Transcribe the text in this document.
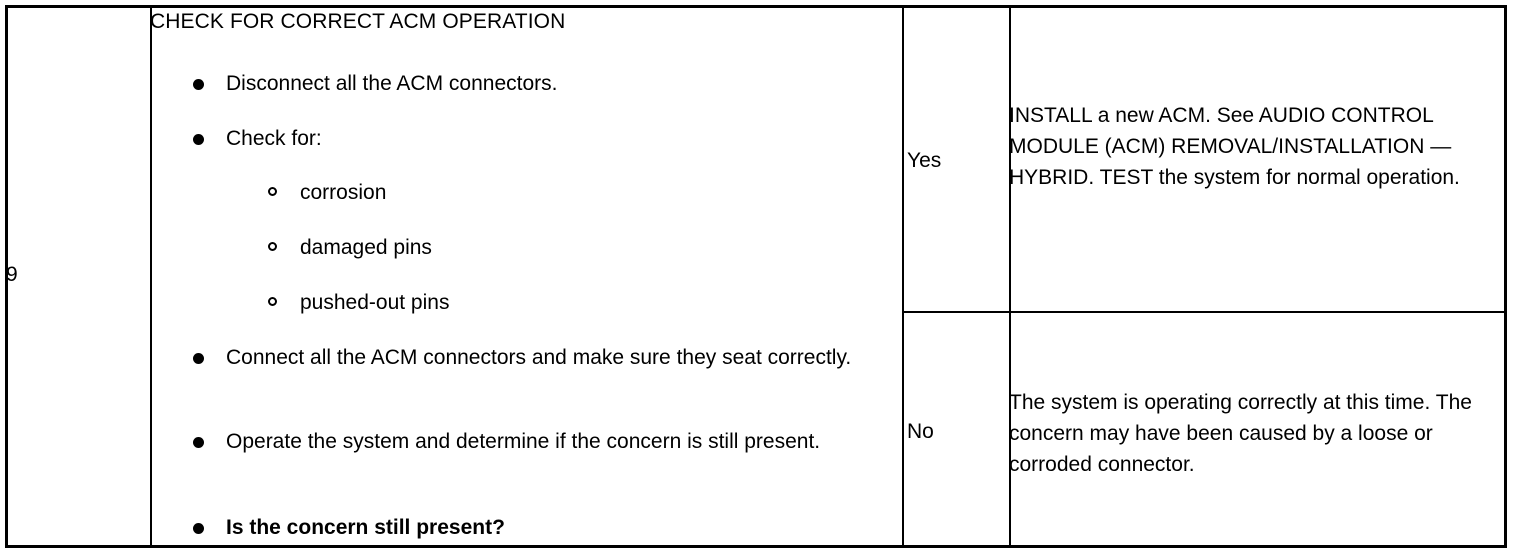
9
CHECK FOR CORRECT ACM OPERATION
Disconnect all the ACM connectors.
Check for:
corrosion
damaged pins
pushed-out pins
Connect all the ACM connectors and make sure they seat correctly.
Operate the system and determine if the concern is still present.
Is the concern still present?
Yes
INSTALL a new ACM. See AUDIO CONTROL MODULE (ACM) REMOVAL/INSTALLATION — HYBRID. TEST the system for normal operation.
No
The system is operating correctly at this time. The concern may have been caused by a loose or corroded connector.
